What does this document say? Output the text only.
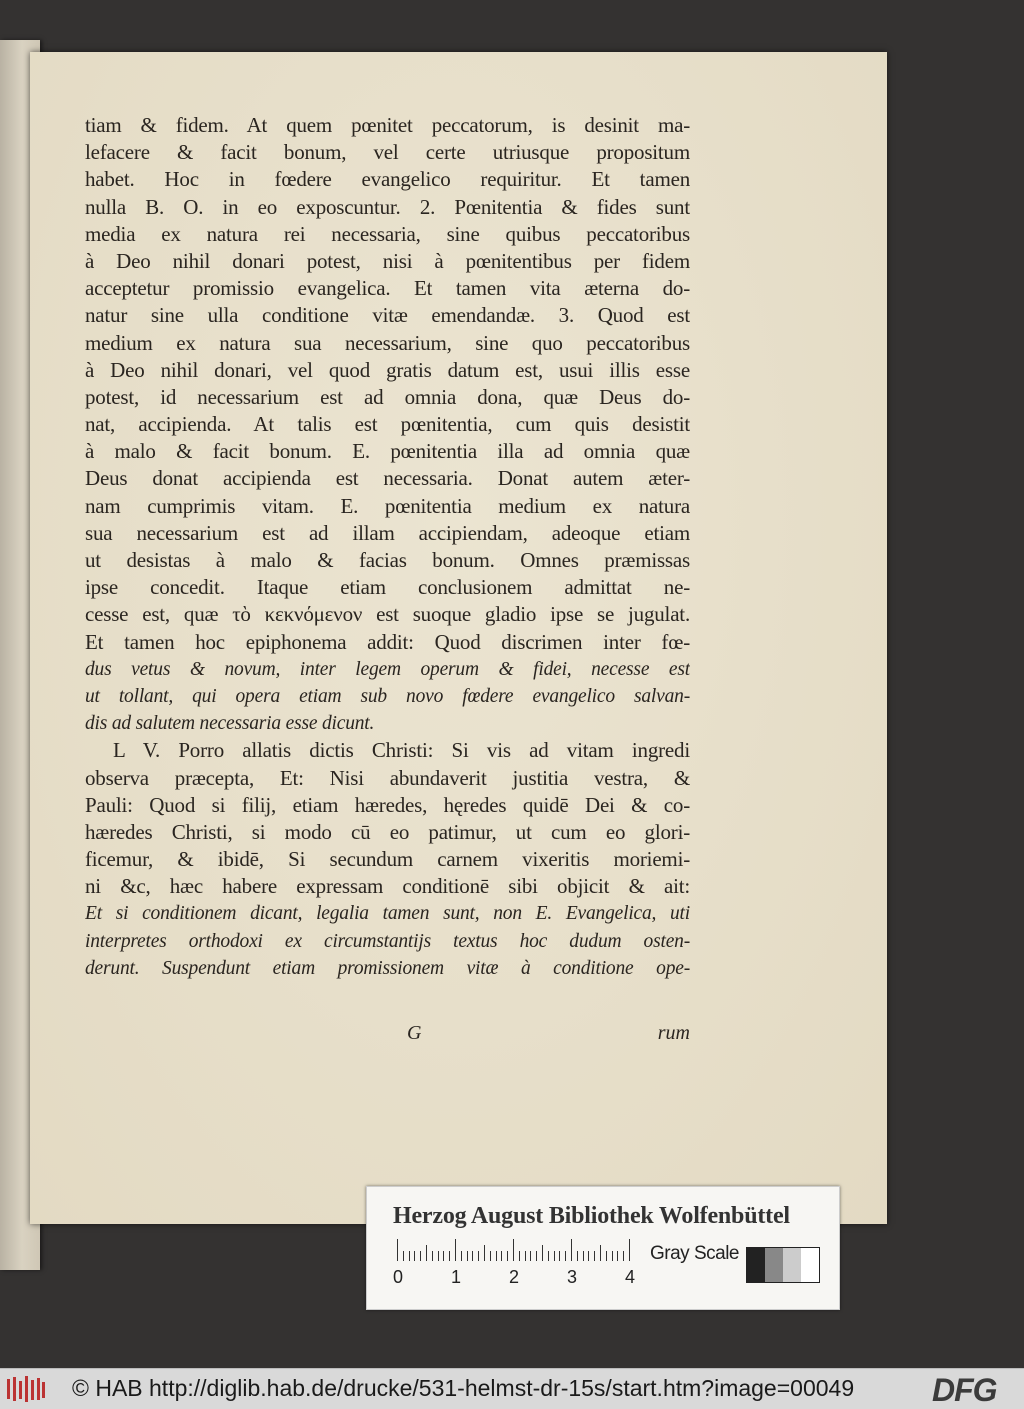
tiam & fidem. At quem pœnitet peccatorum, is desinit ma-
lefacere & facit bonum, vel certe utriusque propositum
habet. Hoc in fœdere evangelico requiritur. Et tamen
nulla B. O. in eo exposcuntur. 2. Pœnitentia & fides sunt
media ex natura rei necessaria, sine quibus peccatoribus
à Deo nihil donari potest, nisi à pœnitentibus per fidem
acceptetur promissio evangelica. Et tamen vita æterna do-
natur sine ulla conditione vitæ emendandæ. 3. Quod est
medium ex natura sua necessarium, sine quo peccatoribus
à Deo nihil donari, vel quod gratis datum est, usui illis esse
potest, id necessarium est ad omnia dona, quæ Deus do-
nat, accipienda. At talis est pœnitentia, cum quis desistit
à malo & facit bonum. E. pœnitentia illa ad omnia quæ
Deus donat accipienda est necessaria. Donat autem æter-
nam cumprimis vitam. E. pœnitentia medium ex natura
sua necessarium est ad illam accipiendam, adeoque etiam
ut desistas à malo & facias bonum. Omnes præmissas
ipse concedit. Itaque etiam conclusionem admittat ne-
cesse est, quæ τὸ κεκνόμενον est suoque gladio ipse se jugulat.
Et tamen hoc epiphonema addit: Quod discrimen inter fœ-
dus vetus & novum, inter legem operum & fidei, necesse est
ut tollant, qui opera etiam sub novo fœdere evangelico salvan-
dis ad salutem necessaria esse dicunt.
L V. Porro allatis dictis Christi: Si vis ad vitam ingredi
observa præcepta, Et: Nisi abundaverit justitia vestra, &
Pauli: Quod si filij, etiam hæredes, hęredes quidē Dei & co-
hæredes Christi, si modo cū eo patimur, ut cum eo glori-
ficemur, & ibidē, Si secundum carnem vixeritis moriemi-
ni &c, hæc habere expressam conditionē sibi objicit & ait:
Et si conditionem dicant, legalia tamen sunt, non E. Evangelica, uti
interpretes orthodoxi ex circumstantijs textus hoc dudum osten-
derunt. Suspendunt etiam promissionem vitæ à conditione ope-
G	rum
Herzog August Bibliothek Wolfenbüttel
0	1	2	3	4
Gray Scale
© HAB http://diglib.hab.de/drucke/531-helmst-dr-15s/start.htm?image=00049 DFG
